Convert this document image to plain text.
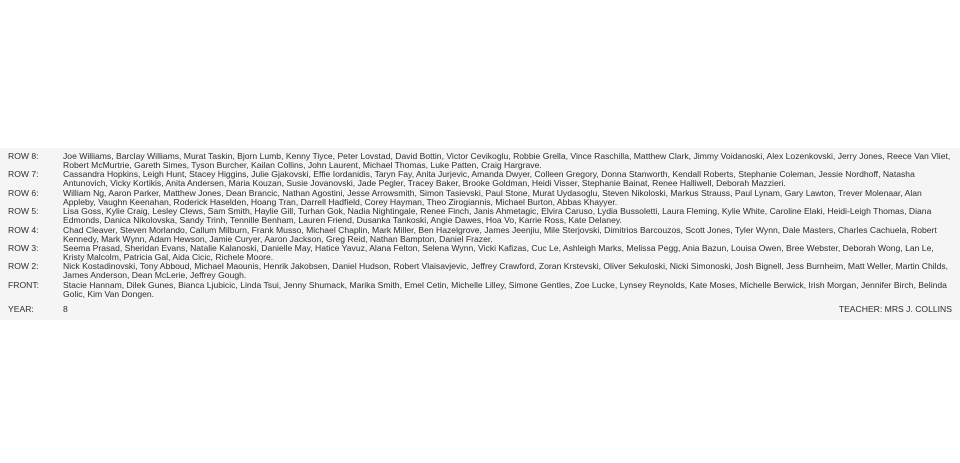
ROW 8:	Joe Williams, Barclay Williams, Murat Taskin, Bjorn Lumb, Kenny Tiyce, Peter Lovstad, David Bottin, Victor Cevikoglu, Robbie Grella, Vince Raschilla, Matthew Clark, Jimmy Voidanoski, Alex Lozenkovski, Jerry Jones, Reece Van Vliet, Robert McMurtrie, Gareth Simes, Tyson Burcher, Kailan Collins, John Laurent, Michael Thomas, Luke Patten, Craig Hargrave.
ROW 7:	Cassandra Hopkins, Leigh Hunt, Stacey Higgins, Julie Gjakovski, Effie Iordanidis, Taryn Fay, Anita Jurjevic, Amanda Dwyer, Colleen Gregory, Donna Stanworth, Kendall Roberts, Stephanie Coleman, Jessie Nordhoff, Natasha Antunovich, Vicky Kortikis, Anita Andersen, Maria Kouzan, Susie Jovanovski, Jade Pegler, Tracey Baker, Brooke Goldman, Heidi Visser, Stephanie Bainat, Renee Halliwell, Deborah Mazzieri.
ROW 6:	William Ng, Aaron Parker, Matthew Jones, Dean Brancic, Nathan Agostini, Jesse Arrowsmith, Simon Tasievski, Paul Stone, Murat Uydasoglu, Steven Nikoloski, Markus Strauss, Paul Lynam, Gary Lawton, Trever Molenaar, Alan Appleby, Vaughn Keenahan, Roderick Haselden, Hoang Tran, Darrell Hadfield, Corey Hayman, Theo Zirogiannis, Michael Burton, Abbas Khayyer.
ROW 5:	Lisa Goss, Kylie Craig, Lesley Clews, Sam Smith, Haylie Gill, Turhan Gok, Nadia Nightingale, Renee Finch, Janis Ahmetagic, Elvira Caruso, Lydia Bussoletti, Laura Fleming, Kylie White, Caroline Elaki, Heidi-Leigh Thomas, Diana Edmonds, Danica Nikolovska, Sandy Trinh, Tennille Benham, Lauren Friend, Dusanka Tankoski, Angie Dawes, Hoa Vo, Karrie Ross, Kate Delaney.
ROW 4:	Chad Cleaver, Steven Morlando, Callum Milburn, Frank Musso, Michael Chaplin, Mark Miller, Ben Hazelgrove, James Jeenjiu, Mile Sterjovski, Dimitrios Barcouzos, Scott Jones, Tyler Wynn, Dale Masters, Charles Cachuela, Robert Kennedy, Mark Wynn, Adam Hewson, Jamie Curyer, Aaron Jackson, Greg Reid, Nathan Bampton, Daniel Frazer.
ROW 3:	Seema Prasad, Sheridan Evans, Natalie Kalanoski, Danielle May, Hatice Yavuz, Alana Felton, Selena Wynn, Vicki Kafizas, Cuc Le, Ashleigh Marks, Melissa Pegg, Ania Bazun, Louisa Owen, Bree Webster, Deborah Wong, Lan Le, Kristy Malcolm, Patricia Gal, Aida Cicic, Richele Moore.
ROW 2:	Nick Kostadinovski, Tony Abboud, Michael Maounis, Henrik Jakobsen, Daniel Hudson, Robert Vlaisavjevic, Jeffrey Crawford, Zoran Krstevski, Oliver Sekuloski, Nicki Simonoski, Josh Bignell, Jess Burnheim, Matt Weller, Martin Childs, James Anderson, Dean McLerie, Jeffrey Gough.
FRONT:	Stacie Hannam, Dilek Gunes, Bianca Ljubicic, Linda Tsui, Jenny Shumack, Marika Smith, Emel Cetin, Michelle Lilley, Simone Gentles, Zoe Lucke, Lynsey Reynolds, Kate Moses, Michelle Berwick, Irish Morgan, Jennifer Birch, Belinda Golic, Kim Van Dongen.
YEAR:	8	TEACHER: MRS J. COLLINS
